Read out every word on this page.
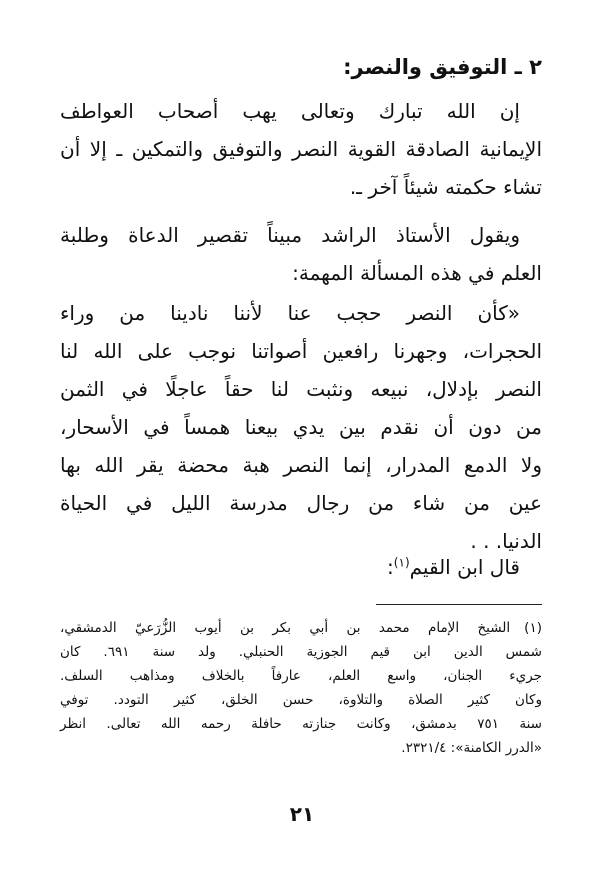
٢ ـ التوفيق والنصر:
إن الله تبارك وتعالى يهب أصحاب العواطف
الإيمانية الصادقة القوية النصر والتوفيق والتمكين ـ إلا أن
تشاء حكمته شيئاً آخر ـ.
ويقول الأستاذ الراشد مبيناً تقصير الدعاة وطلبة
العلم في هذه المسألة المهمة:
«كأن النصر حجب عنا لأننا نادينا من وراء
الحجرات، وجهرنا رافعين أصواتنا نوجب على الله لنا
النصر بإدلال، نبيعه ونثبت لنا حقاً عاجلًا في الثمن
من دون أن نقدم بين يدي بيعنا همساً في الأسحار،
ولا الدمع المدرار، إنما النصر هبة محضة يقر الله بها
عين من شاء من رجال مدرسة الليل في الحياة
الدنيا. . .
قال ابن القيم$^{(١)}$:
(١)الشيخ الإمام محمد بن أبي بكر بن أيوب الزُّرَعيّ الدمشقي،
شمس الدين ابن قيم الجوزية الحنبلي. ولد سنة ٦٩١. كان
جريء الجنان، واسع العلم، عارفاً بالخلاف ومذاهب السلف.
وكان كثير الصلاة والتلاوة، حسن الخلق، كثير التودد. توفي
سنة ٧٥١ بدمشق، وكانت جنازته حافلة رحمه الله تعالى. انظر
«الدرر الكامنة»: ٢٣٢١/٤.
٢١
